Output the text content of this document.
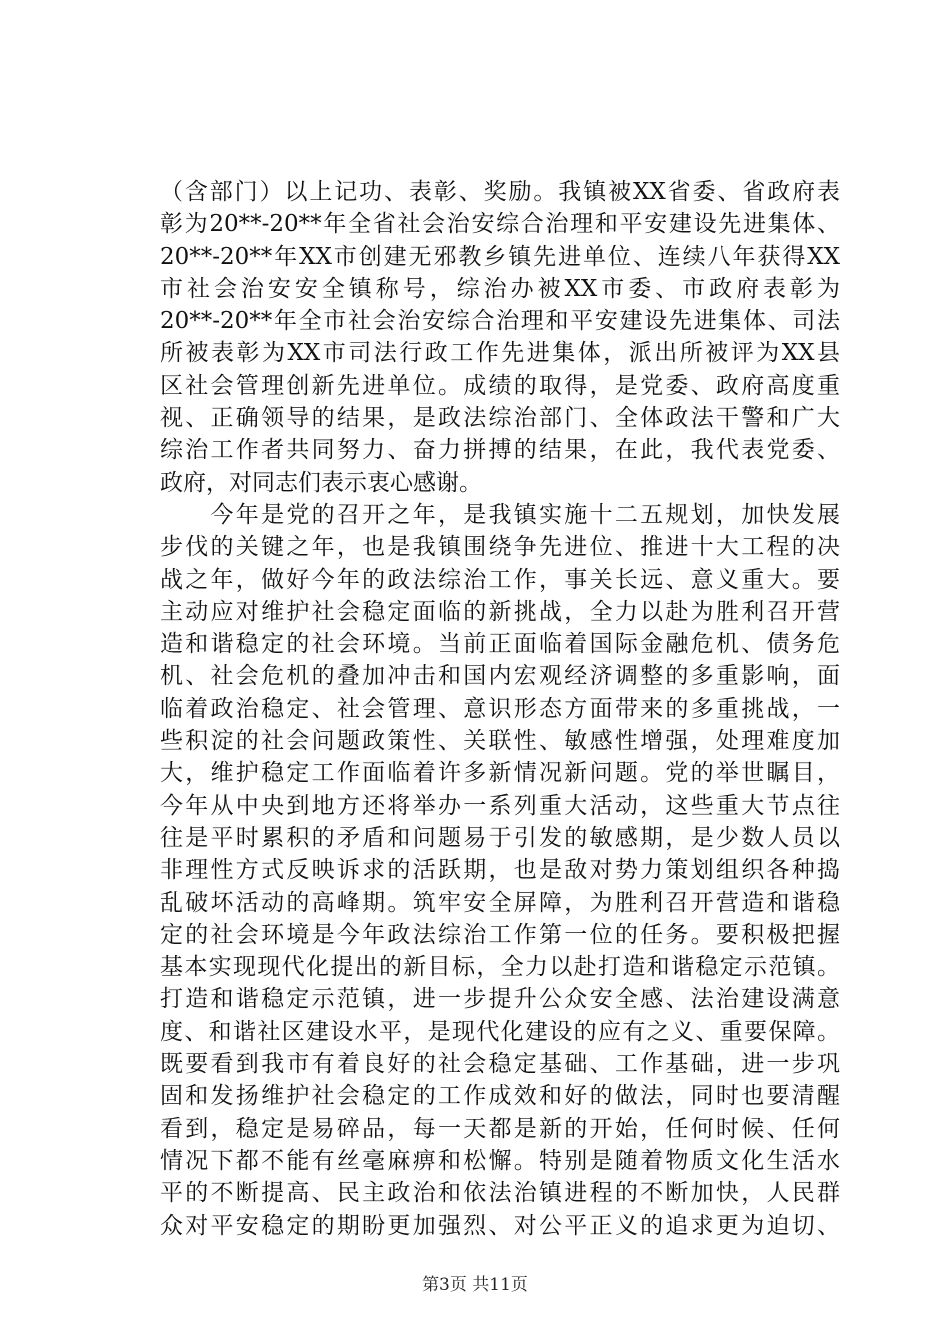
（含部门）以上记功、表彰、奖励。我镇被XX省委、省政府表
彰为20**-20**年全省社会治安综合治理和平安建设先进集体、
20**-20**年XX市创建无邪教乡镇先进单位、连续八年获得XX
市社会治安安全镇称号，综治办被XX市委、市政府表彰为
20**-20**年全市社会治安综合治理和平安建设先进集体、司法
所被表彰为XX市司法行政工作先进集体，派出所被评为XX县
区社会管理创新先进单位。成绩的取得，是党委、政府高度重
视、正确领导的结果，是政法综治部门、全体政法干警和广大
综治工作者共同努力、奋力拼搏的结果，在此，我代表党委、
政府，对同志们表示衷心感谢。
　　今年是党的召开之年，是我镇实施十二五规划，加快发展
步伐的关键之年，也是我镇围绕争先进位、推进十大工程的决
战之年，做好今年的政法综治工作，事关长远、意义重大。要
主动应对维护社会稳定面临的新挑战，全力以赴为胜利召开营
造和谐稳定的社会环境。当前正面临着国际金融危机、债务危
机、社会危机的叠加冲击和国内宏观经济调整的多重影响，面
临着政治稳定、社会管理、意识形态方面带来的多重挑战，一
些积淀的社会问题政策性、关联性、敏感性增强，处理难度加
大，维护稳定工作面临着许多新情况新问题。党的举世瞩目，
今年从中央到地方还将举办一系列重大活动，这些重大节点往
往是平时累积的矛盾和问题易于引发的敏感期，是少数人员以
非理性方式反映诉求的活跃期，也是敌对势力策划组织各种捣
乱破坏活动的高峰期。筑牢安全屏障，为胜利召开营造和谐稳
定的社会环境是今年政法综治工作第一位的任务。要积极把握
基本实现现代化提出的新目标，全力以赴打造和谐稳定示范镇。
打造和谐稳定示范镇，进一步提升公众安全感、法治建设满意
度、和谐社区建设水平，是现代化建设的应有之义、重要保障。
既要看到我市有着良好的社会稳定基础、工作基础，进一步巩
固和发扬维护社会稳定的工作成效和好的做法，同时也要清醒
看到，稳定是易碎品，每一天都是新的开始，任何时候、任何
情况下都不能有丝毫麻痹和松懈。特别是随着物质文化生活水
平的不断提高、民主政治和依法治镇进程的不断加快，人民群
众对平安稳定的期盼更加强烈、对公平正义的追求更为迫切、
第3页 共11页
